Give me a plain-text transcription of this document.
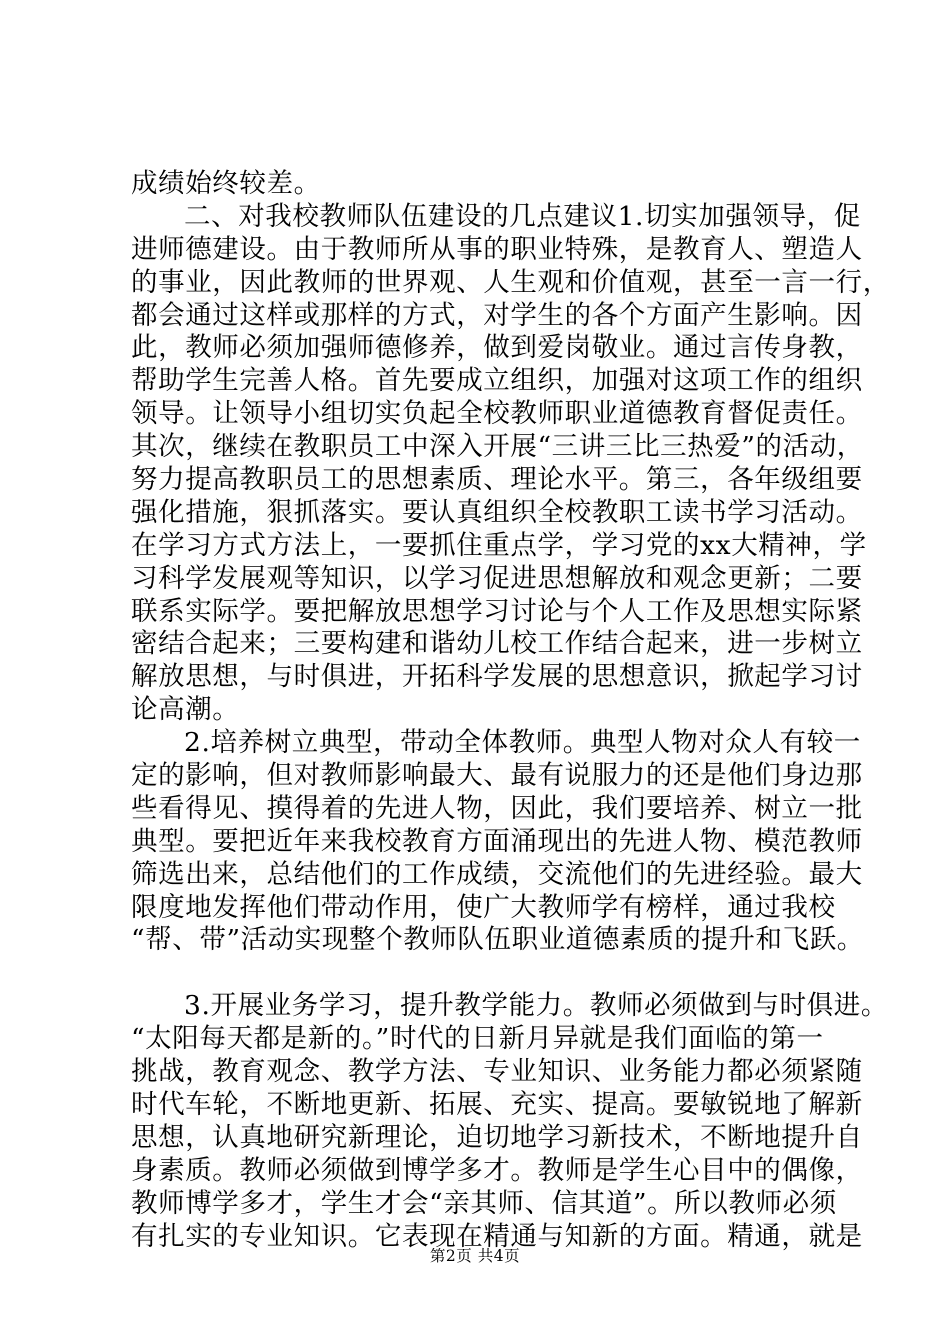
成绩始终较差。
二、对我校教师队伍建设的几点建议1.切实加强领导，促
进师德建设。由于教师所从事的职业特殊，是教育人、塑造人
的事业，因此教师的世界观、人生观和价值观，甚至一言一行，
都会通过这样或那样的方式，对学生的各个方面产生影响。因
此，教师必须加强师德修养，做到爱岗敬业。通过言传身教，
帮助学生完善人格。首先要成立组织，加强对这项工作的组织
领导。让领导小组切实负起全校教师职业道德教育督促责任。
其次，继续在教职员工中深入开展“三讲三比三热爱”的活动，
努力提高教职员工的思想素质、理论水平。第三，各年级组要
强化措施，狠抓落实。要认真组织全校教职工读书学习活动。
在学习方式方法上，一要抓住重点学，学习党的xx大精神，学
习科学发展观等知识，以学习促进思想解放和观念更新；二要
联系实际学。要把解放思想学习讨论与个人工作及思想实际紧
密结合起来；三要构建和谐幼儿校工作结合起来，进一步树立
解放思想，与时俱进，开拓科学发展的思想意识，掀起学习讨
论高潮。
2.培养树立典型，带动全体教师。典型人物对众人有较一
定的影响，但对教师影响最大、最有说服力的还是他们身边那
些看得见、摸得着的先进人物，因此，我们要培养、树立一批
典型。要把近年来我校教育方面涌现出的先进人物、模范教师
筛选出来，总结他们的工作成绩，交流他们的先进经验。最大
限度地发挥他们带动作用，使广大教师学有榜样，通过我校
“帮、带”活动实现整个教师队伍职业道德素质的提升和飞跃。
3.开展业务学习，提升教学能力。教师必须做到与时俱进。
“太阳每天都是新的。”时代的日新月异就是我们面临的第一
挑战，教育观念、教学方法、专业知识、业务能力都必须紧随
时代车轮，不断地更新、拓展、充实、提高。要敏锐地了解新
思想，认真地研究新理论，迫切地学习新技术，不断地提升自
身素质。教师必须做到博学多才。教师是学生心目中的偶像，
教师博学多才，学生才会“亲其师、信其道”。所以教师必须
有扎实的专业知识。它表现在精通与知新的方面。精通，就是
第2页 共4页
